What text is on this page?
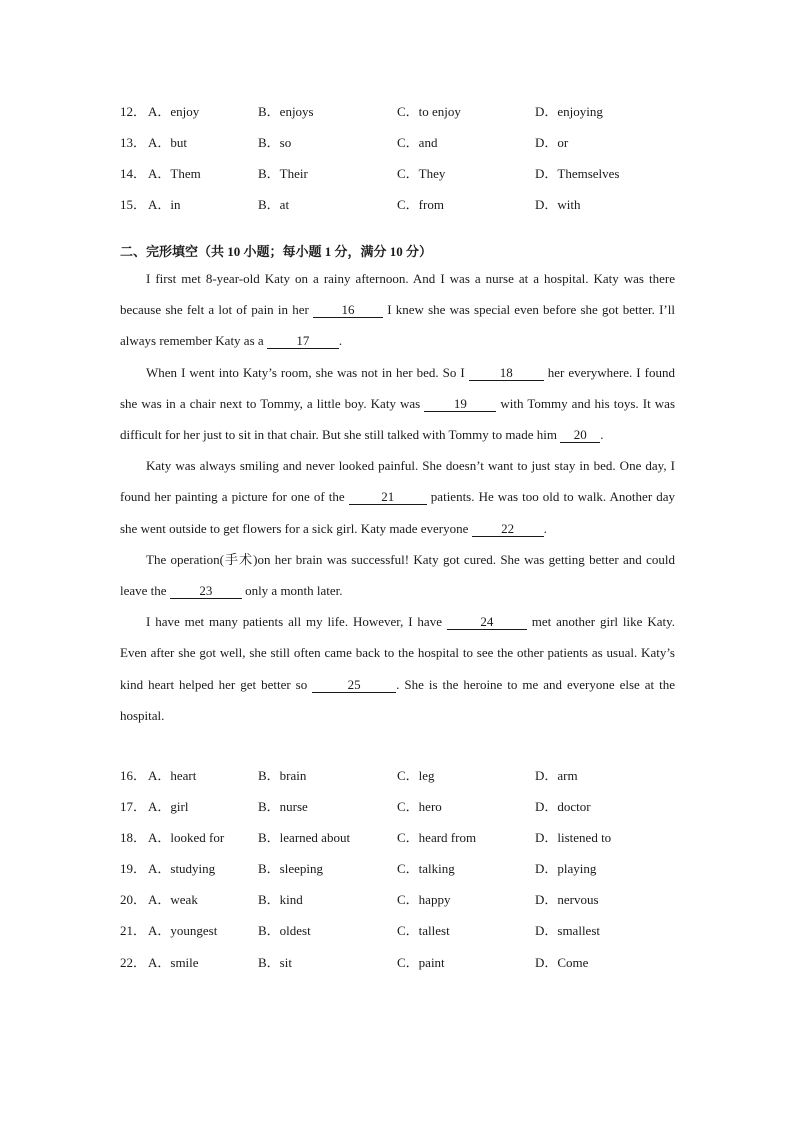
12． A．enjoy	B．enjoys	C．to enjoy	D．enjoying
13． A．but	B．so	C．and	D．or
14． A．Them	B．Their	C．They	D．Themselves
15． A．in	B．at	C．from	D．with
二、完形填空（共 10 小题；每小题 1 分，满分 10 分）

I first met 8-year-old Katy on a rainy afternoon. And I was a nurse at a hospital. Katy was there because she felt a lot of pain in her 16 I knew she was special even before she got better. I’ll always remember Katy as a 17 .

When I went into Katy’s room, she was not in her bed. So I 18 her everywhere. I found she was in a chair next to Tommy, a little boy. Katy was 19 with Tommy and his toys. It was difficult for her just to sit in that chair. But she still talked with Tommy to made him 20 .

Katy was always smiling and never looked painful. She doesn’t want to just stay in bed. One day, I found her painting a picture for one of the	21	patients. He was too old to walk. Another day she went outside to get flowers for a sick girl. Katy made everyone 22 .

The operation(手术)on her brain was successful! Katy got cured. She was getting better and could leave the 23 only a month later.

I have met many patients all my life. However, I have	24	met another girl like Katy. Even after she got well, she still often came back to the hospital to see the other patients as usual. Katy’s kind heart helped her get better so	25	. She is the heroine to me and everyone else at the hospital.

16． A．heart	B．brain	C．leg	D．arm
17． A．girl	B．nurse	C．hero	D．doctor
18． A．looked for	B．learned about	C．heard from	D．listened to
19． A．studying	B．sleeping	C．talking	D．playing
20． A．weak	B．kind	C．happy	D．nervous
21． A．youngest	B．oldest	C．tallest	D．smallest
22． A．smile	B．sit	C．paint	D．Come
